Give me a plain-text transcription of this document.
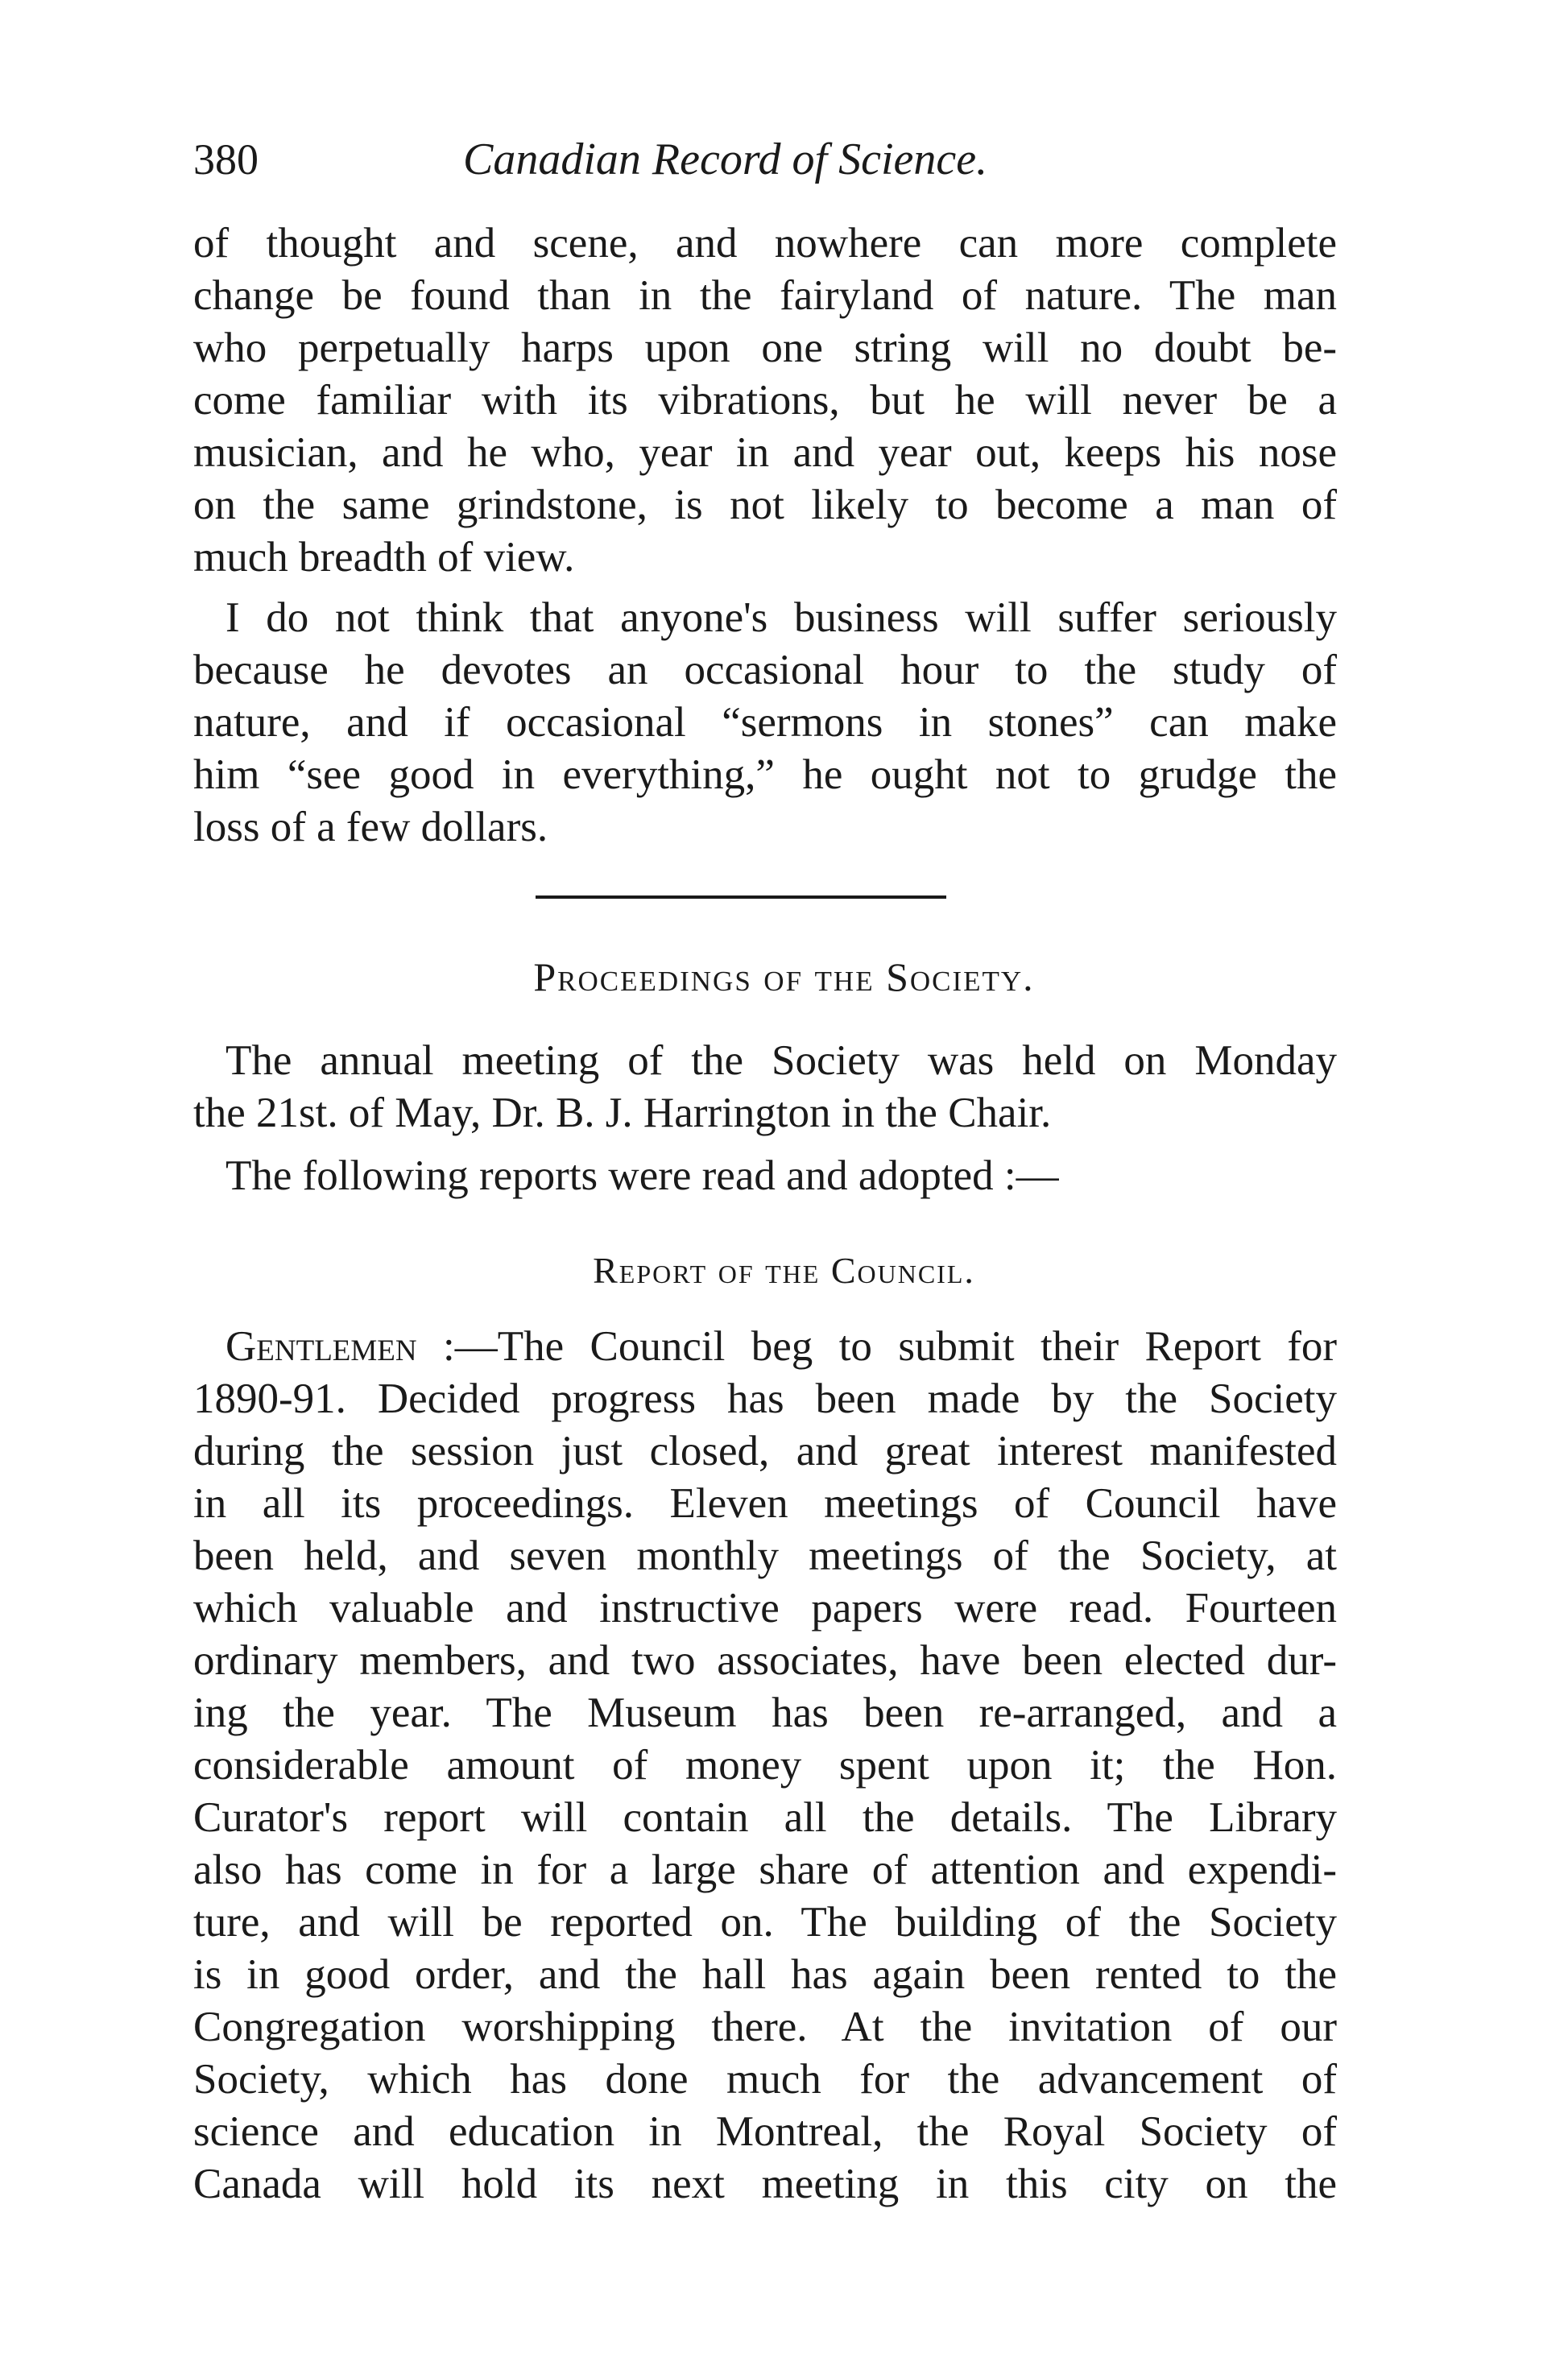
380	Canadian Record of Science.

of thought and scene, and nowhere can more complete
change be found than in the fairyland of nature. The man
who perpetually harps upon one string will no doubt be-
come familiar with its vibrations, but he will never be a
musician, and he who, year in and year out, keeps his nose
on the same grindstone, is not likely to become a man of
much breadth of view.

I do not think that anyone's business will suffer seriously
because he devotes an occasional hour to the study of
nature, and if occasional “sermons in stones” can make
him “see good in everything,” he ought not to grudge the
loss of a few dollars.

Proceedings of the Society.

The annual meeting of the Society was held on Monday
the 21st. of May, Dr. B. J. Harrington in the Chair.

The following reports were read and adopted :—

Report of the Council.

Gentlemen :—The Council beg to submit their Report for
1890-91. Decided progress has been made by the Society
during the session just closed, and great interest manifested
in all its proceedings. Eleven meetings of Council have
been held, and seven monthly meetings of the Society, at
which valuable and instructive papers were read. Fourteen
ordinary members, and two associates, have been elected dur-
ing the year. The Museum has been re-arranged, and a
considerable amount of money spent upon it; the Hon.
Curator's report will contain all the details. The Library
also has come in for a large share of attention and expendi-
ture, and will be reported on. The building of the Society
is in good order, and the hall has again been rented to the
Congregation worshipping there. At the invitation of our
Society, which has done much for the advancement of
science and education in Montreal, the Royal Society of
Canada will hold its next meeting in this city on the
